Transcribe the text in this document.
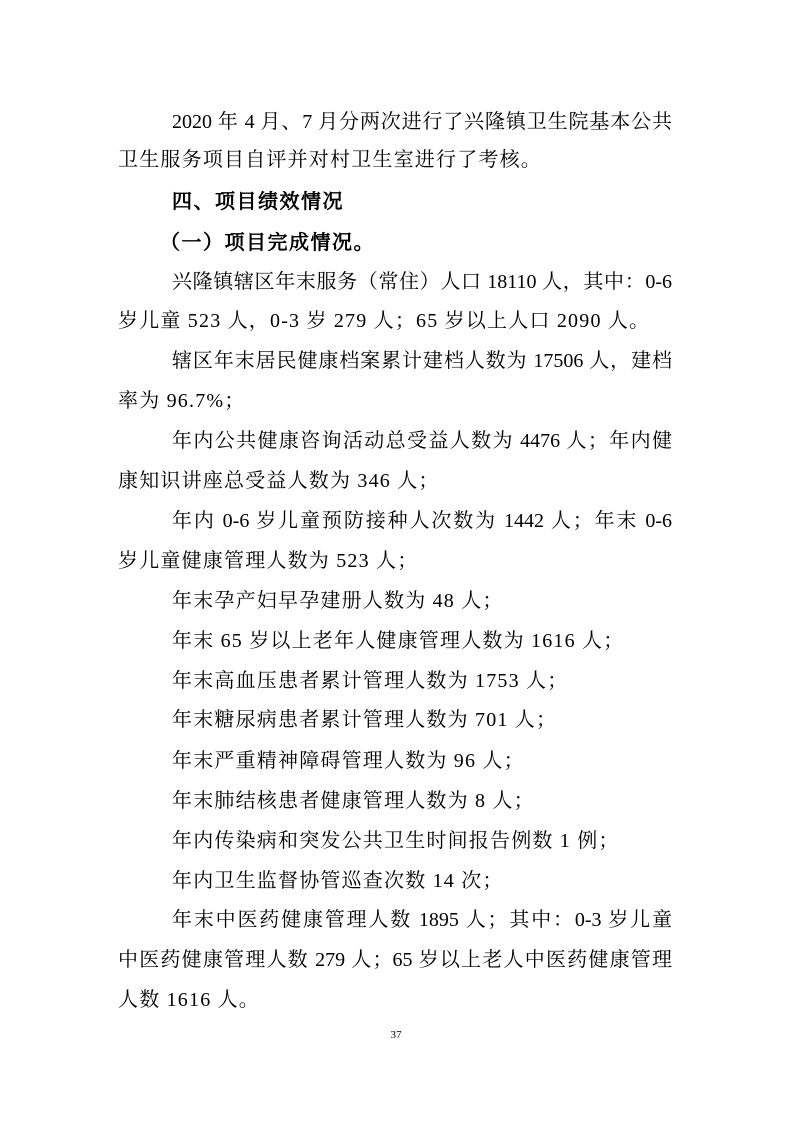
2020 年 4 月、7 月分两次进行了兴隆镇卫生院基本公共
卫生服务项目自评并对村卫生室进行了考核。
四、项目绩效情况
（一）项目完成情况。
兴隆镇辖区年末服务（常住）人口 18110 人，其中：0-6
岁儿童 523 人，0-3 岁 279 人；65 岁以上人口 2090 人。
辖区年末居民健康档案累计建档人数为 17506 人，建档
率为 96.7%；
年内公共健康咨询活动总受益人数为 4476 人；年内健
康知识讲座总受益人数为 346 人；
年内 0-6 岁儿童预防接种人次数为 1442 人；年末 0-6
岁儿童健康管理人数为 523 人；
年末孕产妇早孕建册人数为 48 人；
年末 65 岁以上老年人健康管理人数为 1616 人；
年末高血压患者累计管理人数为 1753 人；
年末糖尿病患者累计管理人数为 701 人；
年末严重精神障碍管理人数为 96 人；
年末肺结核患者健康管理人数为 8 人；
年内传染病和突发公共卫生时间报告例数 1 例；
年内卫生监督协管巡查次数 14 次；
年末中医药健康管理人数 1895 人；其中：0-3 岁儿童
中医药健康管理人数 279 人；65 岁以上老人中医药健康管理
人数 1616 人。
37
